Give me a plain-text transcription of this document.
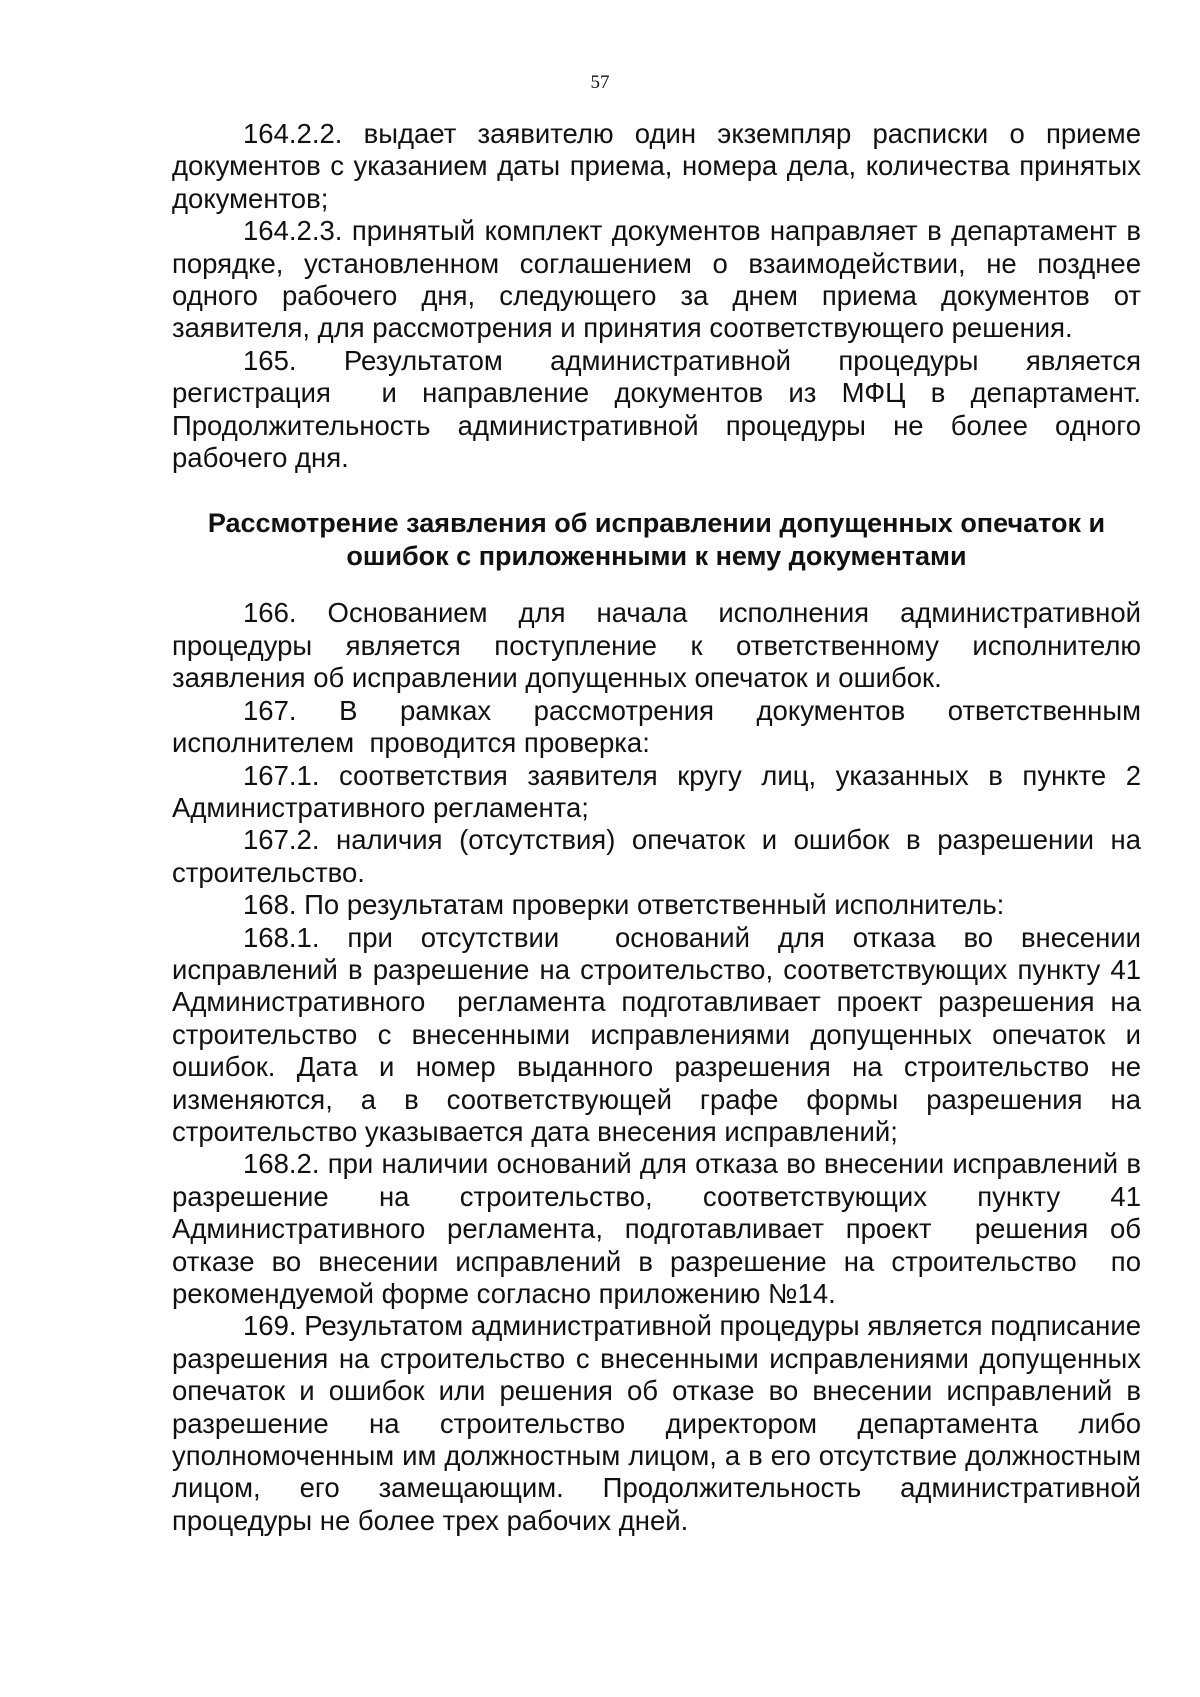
57

164.2.2. выдает заявителю один экземпляр расписки о приеме документов с указанием даты приема, номера дела, количества принятых документов;

164.2.3. принятый комплект документов направляет в департамент в порядке, установленном соглашением о взаимодействии, не позднее одного рабочего дня, следующего за днем приема документов от заявителя, для рассмотрения и принятия соответствующего решения.

165. Результатом административной процедуры является регистрация  и направление документов из МФЦ в департамент. Продолжительность административной процедуры не более одного рабочего дня.

Рассмотрение заявления об исправлении допущенных опечаток и
ошибок с приложенными к нему документами

166. Основанием для начала исполнения административной процедуры является поступление к ответственному исполнителю заявления об исправлении допущенных опечаток и ошибок.

167. В рамках рассмотрения документов ответственным исполнителем  проводится проверка:

167.1. соответствия заявителя кругу лиц, указанных в пункте 2 Административного регламента;

167.2. наличия (отсутствия) опечаток и ошибок в разрешении на строительство.

168. По результатам проверки ответственный исполнитель:

168.1. при отсутствии  оснований для отказа во внесении исправлений в разрешение на строительство, соответствующих пункту 41 Административного  регламента подготавливает проект разрешения на строительство с внесенными исправлениями допущенных опечаток и ошибок. Дата и номер выданного разрешения на строительство не изменяются, а в соответствующей графе формы разрешения на строительство указывается дата внесения исправлений;

168.2. при наличии оснований для отказа во внесении исправлений в разрешение на строительство, соответствующих пункту 41 Административного регламента, подготавливает проект  решения об отказе во внесении исправлений в разрешение на строительство  по рекомендуемой форме согласно приложению №14.

169. Результатом административной процедуры является подписание разрешения на строительство с внесенными исправлениями допущенных опечаток и ошибок или решения об отказе во внесении исправлений в разрешение на строительство директором департамента либо уполномоченным им должностным лицом, а в его отсутствие должностным лицом, его замещающим. Продолжительность административной процедуры не более трех рабочих дней.
